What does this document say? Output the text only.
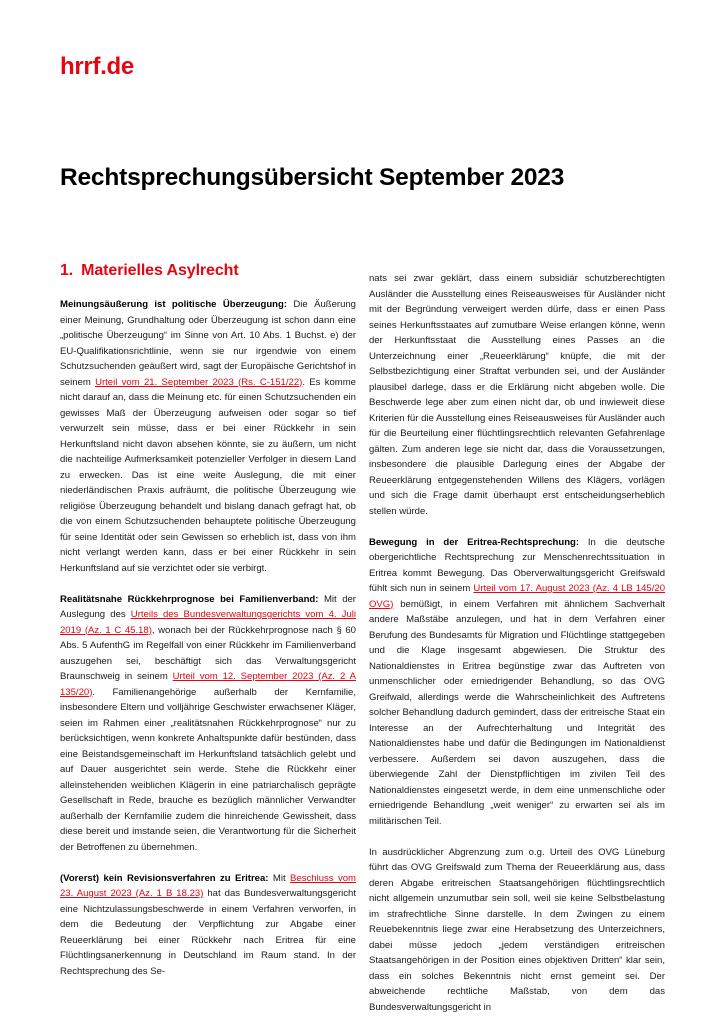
hrrf.de
Rechtsprechungsübersicht September 2023
1. Materielles Asylrecht

Meinungsäußerung ist politische Überzeugung: Die Äußerung einer Meinung, Grundhaltung oder Überzeugung ist schon dann eine „politische Überzeugung“ im Sinne von Art. 10 Abs. 1 Buchst. e) der EU-Qualifikationsrichtlinie, wenn sie nur irgendwie von einem Schutzsuchenden geäußert wird, sagt der Europäische Gerichtshof in seinem Urteil vom 21. September 2023 (Rs. C-151/22). Es komme nicht darauf an, dass die Meinung etc. für einen Schutzsuchenden ein gewisses Maß der Überzeugung aufweisen oder sogar so tief verwurzelt sein müsse, dass er bei einer Rückkehr in sein Herkunftsland nicht davon absehen könnte, sie zu äußern, um nicht die nachteilige Aufmerksamkeit potenzieller Verfolger in diesem Land zu erwecken. Das ist eine weite Auslegung, die mit einer niederländischen Praxis aufräumt, die politische Überzeugung wie religiöse Überzeugung behandelt und bislang danach gefragt hat, ob die von einem Schutzsuchenden behauptete politische Überzeugung für seine Identität oder sein Gewissen so erheblich ist, dass von ihm nicht verlangt werden kann, dass er bei einer Rückkehr in sein Herkunftsland auf sie verzichtet oder sie verbirgt.

Realitätsnahe Rückkehrprognose bei Familienverband: Mit der Auslegung des Urteils des Bundesverwaltungsgerichts vom 4. Juli 2019 (Az. 1 C 45.18), wonach bei der Rückkehrprognose nach § 60 Abs. 5 AufenthG im Regelfall von einer Rückkehr im Familienverband auszugehen sei, beschäftigt sich das Verwaltungsgericht Braunschweig in seinem Urteil vom 12. September 2023 (Az. 2 A 135/20). Familienangehörige außerhalb der Kernfamilie, insbesondere Eltern und volljährige Geschwister erwachsener Kläger, seien im Rahmen einer „realitätsnahen Rückkehrprognose“ nur zu berücksichtigen, wenn konkrete Anhaltspunkte dafür bestünden, dass eine Beistandsgemeinschaft im Herkunftsland tatsächlich gelebt und auf Dauer ausgerichtet sein werde. Stehe die Rückkehr einer alleinstehenden weiblichen Klägerin in eine patriarchalisch geprägte Gesellschaft in Rede, brauche es bezüglich männlicher Verwandter außerhalb der Kernfamilie zudem die hinreichende Gewissheit, dass diese bereit und imstande seien, die Verantwortung für die Sicherheit der Betroffenen zu übernehmen.

(Vorerst) kein Revisionsverfahren zu Eritrea: Mit Beschluss vom 23. August 2023 (Az. 1 B 18.23) hat das Bundesverwaltungsgericht eine Nichtzulassungsbeschwerde in einem Verfahren verworfen, in dem die Bedeutung der Verpflichtung zur Abgabe einer Reueerklärung bei einer Rückkehr nach Eritrea für eine Flüchtlingsanerkennung in Deutschland im Raum stand. In der Rechtsprechung des Se-

nats sei zwar geklärt, dass einem subsidiär schutzberechtigten Ausländer die Ausstellung eines Reiseausweises für Ausländer nicht mit der Begründung verweigert werden dürfe, dass er einen Pass seines Herkunftsstaates auf zumutbare Weise erlangen könne, wenn der Herkunftsstaat die Ausstellung eines Passes an die Unterzeichnung einer „Reueerklärung“ knüpfe, die mit der Selbstbezichtigung einer Straftat verbunden sei, und der Ausländer plausibel darlege, dass er die Erklärung nicht abgeben wolle. Die Beschwerde lege aber zum einen nicht dar, ob und inwieweit diese Kriterien für die Ausstellung eines Reiseausweises für Ausländer auch für die Beurteilung einer flüchtlingsrechtlich relevanten Gefahrenlage gälten. Zum anderen lege sie nicht dar, dass die Voraussetzungen, insbesondere die plausible Darlegung eines der Abgabe der Reueerklärung entgegenstehenden Willens des Klägers, vorlägen und sich die Frage damit überhaupt erst entscheidungserheblich stellen würde.

Bewegung in der Eritrea-Rechtsprechung: In die deutsche obergerichtliche Rechtsprechung zur Menschenrechtssituation in Eritrea kommt Bewegung. Das Oberverwaltungsgericht Greifswald fühlt sich nun in seinem Urteil vom 17. August 2023 (Az. 4 LB 145/20 OVG) bemüßigt, in einem Verfahren mit ähnlichem Sachverhalt andere Maßstäbe anzulegen, und hat in dem Verfahren einer Berufung des Bundesamts für Migration und Flüchtlinge stattgegeben und die Klage insgesamt abgewiesen. Die Struktur des Nationaldienstes in Eritrea begünstige zwar das Auftreten von unmenschlicher oder erniedrigender Behandlung, so das OVG Greifwald, allerdings werde die Wahrscheinlichkeit des Auftretens solcher Behandlung dadurch gemindert, dass der eritreische Staat ein Interesse an der Aufrechterhaltung und Integrität des Nationaldienstes habe und dafür die Bedingungen im Nationaldienst verbessere. Außerdem sei davon auszugehen, dass die überwiegende Zahl der Dienstpflichtigen im zivilen Teil des Nationaldienstes eingesetzt werde, in dem eine unmenschliche oder erniedrigende Behandlung „weit weniger“ zu erwarten sei als im militärischen Teil.

In ausdrücklicher Abgrenzung zum o.g. Urteil des OVG Lüneburg führt das OVG Greifswald zum Thema der Reueerklärung aus, dass deren Abgabe eritreischen Staatsangehörigen flüchtlingsrechtlich nicht allgemein unzumutbar sein soll, weil sie keine Selbstbelastung im strafrechtliche Sinne darstelle. In dem Zwingen zu einem Reuebekenntnis liege zwar eine Herabsetzung des Unterzeichners, dabei müsse jedoch „jedem verständigen eritreischen Staatsangehörigen in der Position eines objektiven Dritten“ klar sein, dass ein solches Bekenntnis nicht ernst gemeint sei. Der abweichende rechtliche Maßstab, von dem das Bundesverwaltungsgericht in
